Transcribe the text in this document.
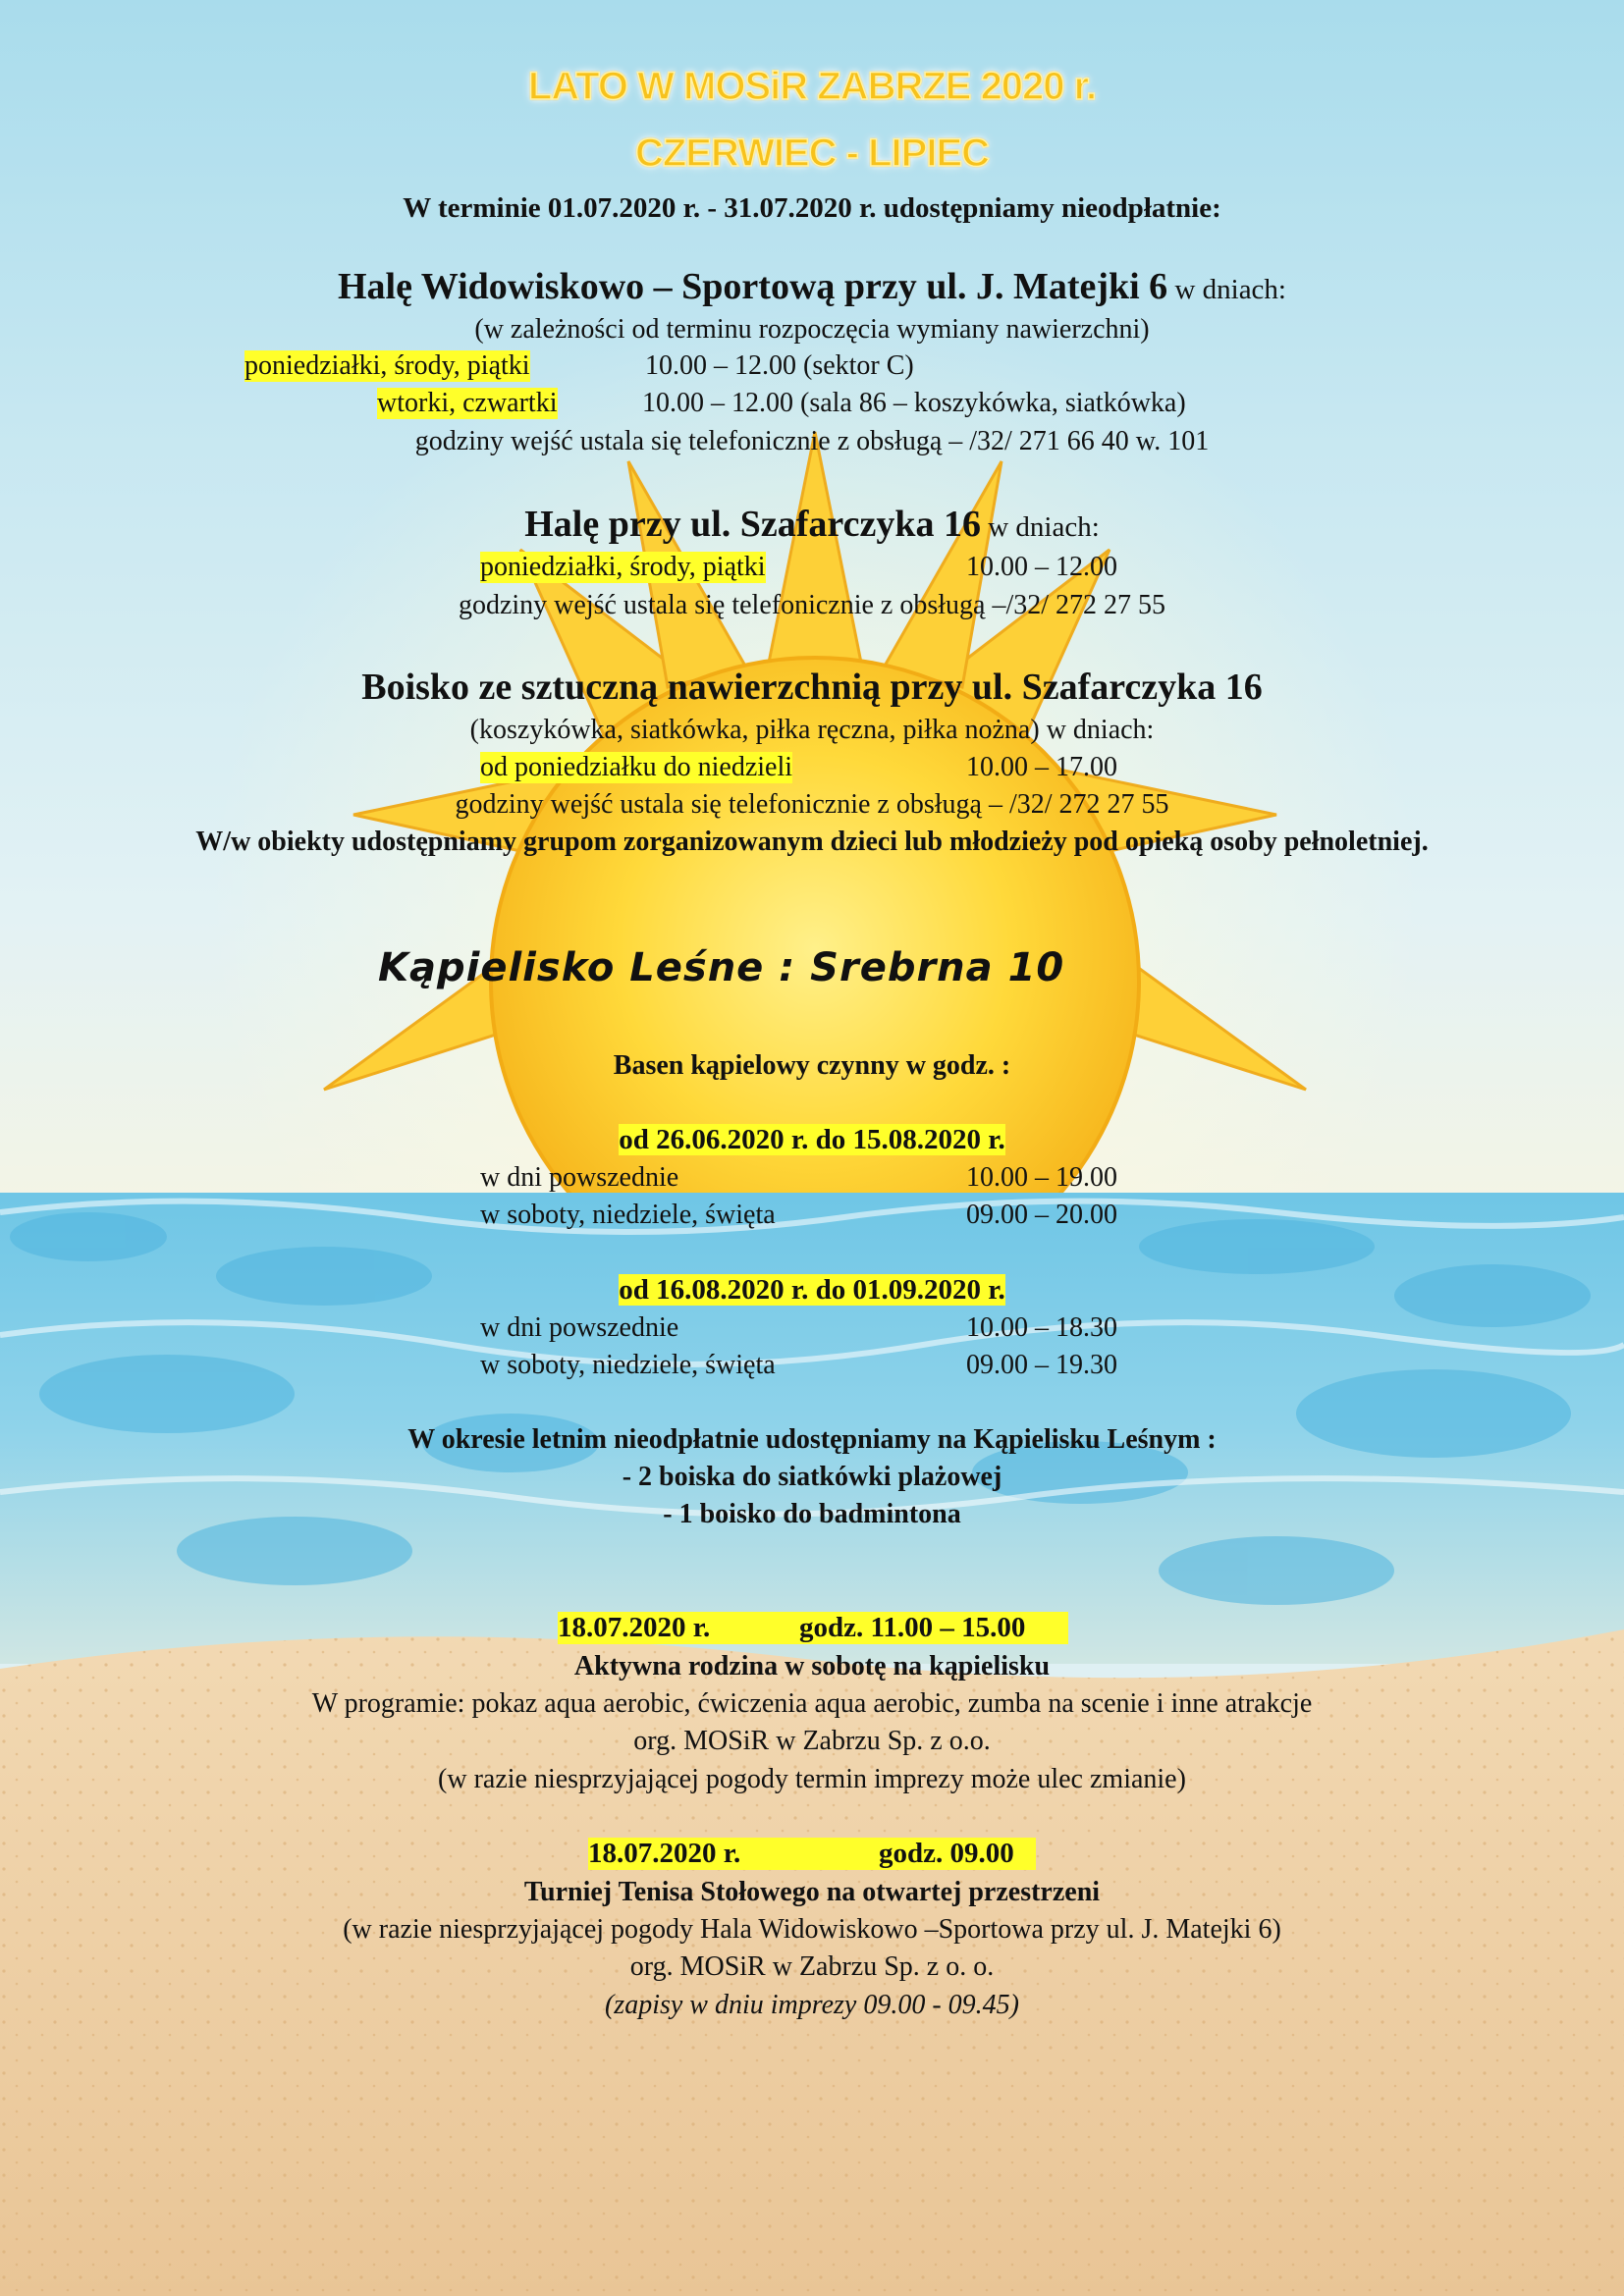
LATO W MOSiR ZABRZE 2020 r.
CZERWIEC - LIPIEC
W terminie 01.07.2020 r. - 31.07.2020 r. udostępniamy nieodpłatnie:
Halę Widowiskowo – Sportową przy ul. J. Matejki 6 w dniach:
(w zależności od terminu rozpoczęcia wymiany nawierzchni)
poniedziałki, środy, piątki	10.00 – 12.00 (sektor C)
wtorki, czwartki	10.00 – 12.00 (sala 86 – koszykówka, siatkówka)
godziny wejść ustala się telefonicznie z obsługą – /32/ 271 66 40 w. 101
Halę przy ul. Szafarczyka 16 w dniach:
poniedziałki, środy, piątki	10.00 – 12.00
godziny wejść ustala się telefonicznie z obsługą –/32/ 272 27 55
Boisko ze sztuczną nawierzchnią przy ul. Szafarczyka 16
(koszykówka, siatkówka, piłka ręczna, piłka nożna) w dniach:
od poniedziałku do niedzieli	10.00 – 17.00
godziny wejść ustala się telefonicznie z obsługą – /32/ 272 27 55
W/w obiekty udostępniamy grupom zorganizowanym dzieci lub młodzieży pod opieką osoby pełnoletniej.
Kąpielisko Leśne : Srebrna 10
Basen kąpielowy czynny w godz. :
od 26.06.2020 r. do 15.08.2020 r.
w dni powszednie	10.00 – 19.00
w soboty, niedziele, święta	09.00 – 20.00
od 16.08.2020 r. do 01.09.2020 r.
w dni powszednie	10.00 – 18.30
w soboty, niedziele, święta	09.00 – 19.30
W okresie letnim nieodpłatnie udostępniamy na Kąpielisku Leśnym :
- 2 boiska do siatkówki plażowej
- 1 boisko do badmintona
18.07.2020 r.	godz. 11.00 – 15.00
Aktywna rodzina w sobotę na kąpielisku
W programie: pokaz aqua aerobic, ćwiczenia aqua aerobic, zumba na scenie i inne atrakcje
org. MOSiR w Zabrzu Sp. z o.o.
(w razie niesprzyjającej pogody termin imprezy może ulec zmianie)
18.07.2020 r.	godz. 09.00
Turniej Tenisa Stołowego na otwartej przestrzeni
(w razie niesprzyjającej pogody Hala Widowiskowo –Sportowa przy ul. J. Matejki 6)
org. MOSiR w Zabrzu Sp. z o. o.
(zapisy w dniu imprezy 09.00 - 09.45)
